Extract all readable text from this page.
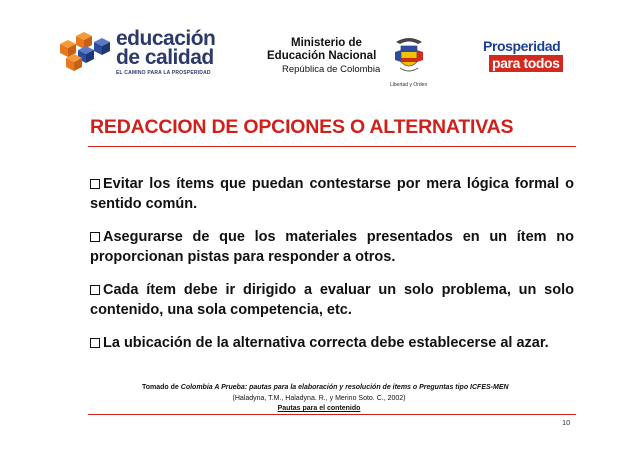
educación
de calidad
EL CAMINO PARA LA PROSPERIDAD
Ministerio de
Educación Nacional
República de Colombia
Libertad y Orden
Prosperidad
para todos
REDACCION DE OPCIONES O ALTERNATIVAS
Evitar los ítems que puedan contestarse por mera lógica formal o sentido común.
Asegurarse de que los materiales presentados en un ítem no proporcionan pistas para responder a otros.
Cada ítem debe ir dirigido a evaluar un solo problema, un solo contenido, una sola competencia, etc.
La ubicación de la alternativa correcta debe establecerse al azar.
Tomado de Colombia A Prueba: pautas para la elaboración y resolución de ítems o Preguntas tipo ICFES-MEN
(Haladyna, T.M., Haladyna. R., y Merino Soto. C., 2002)
Pautas para el contenido
10
